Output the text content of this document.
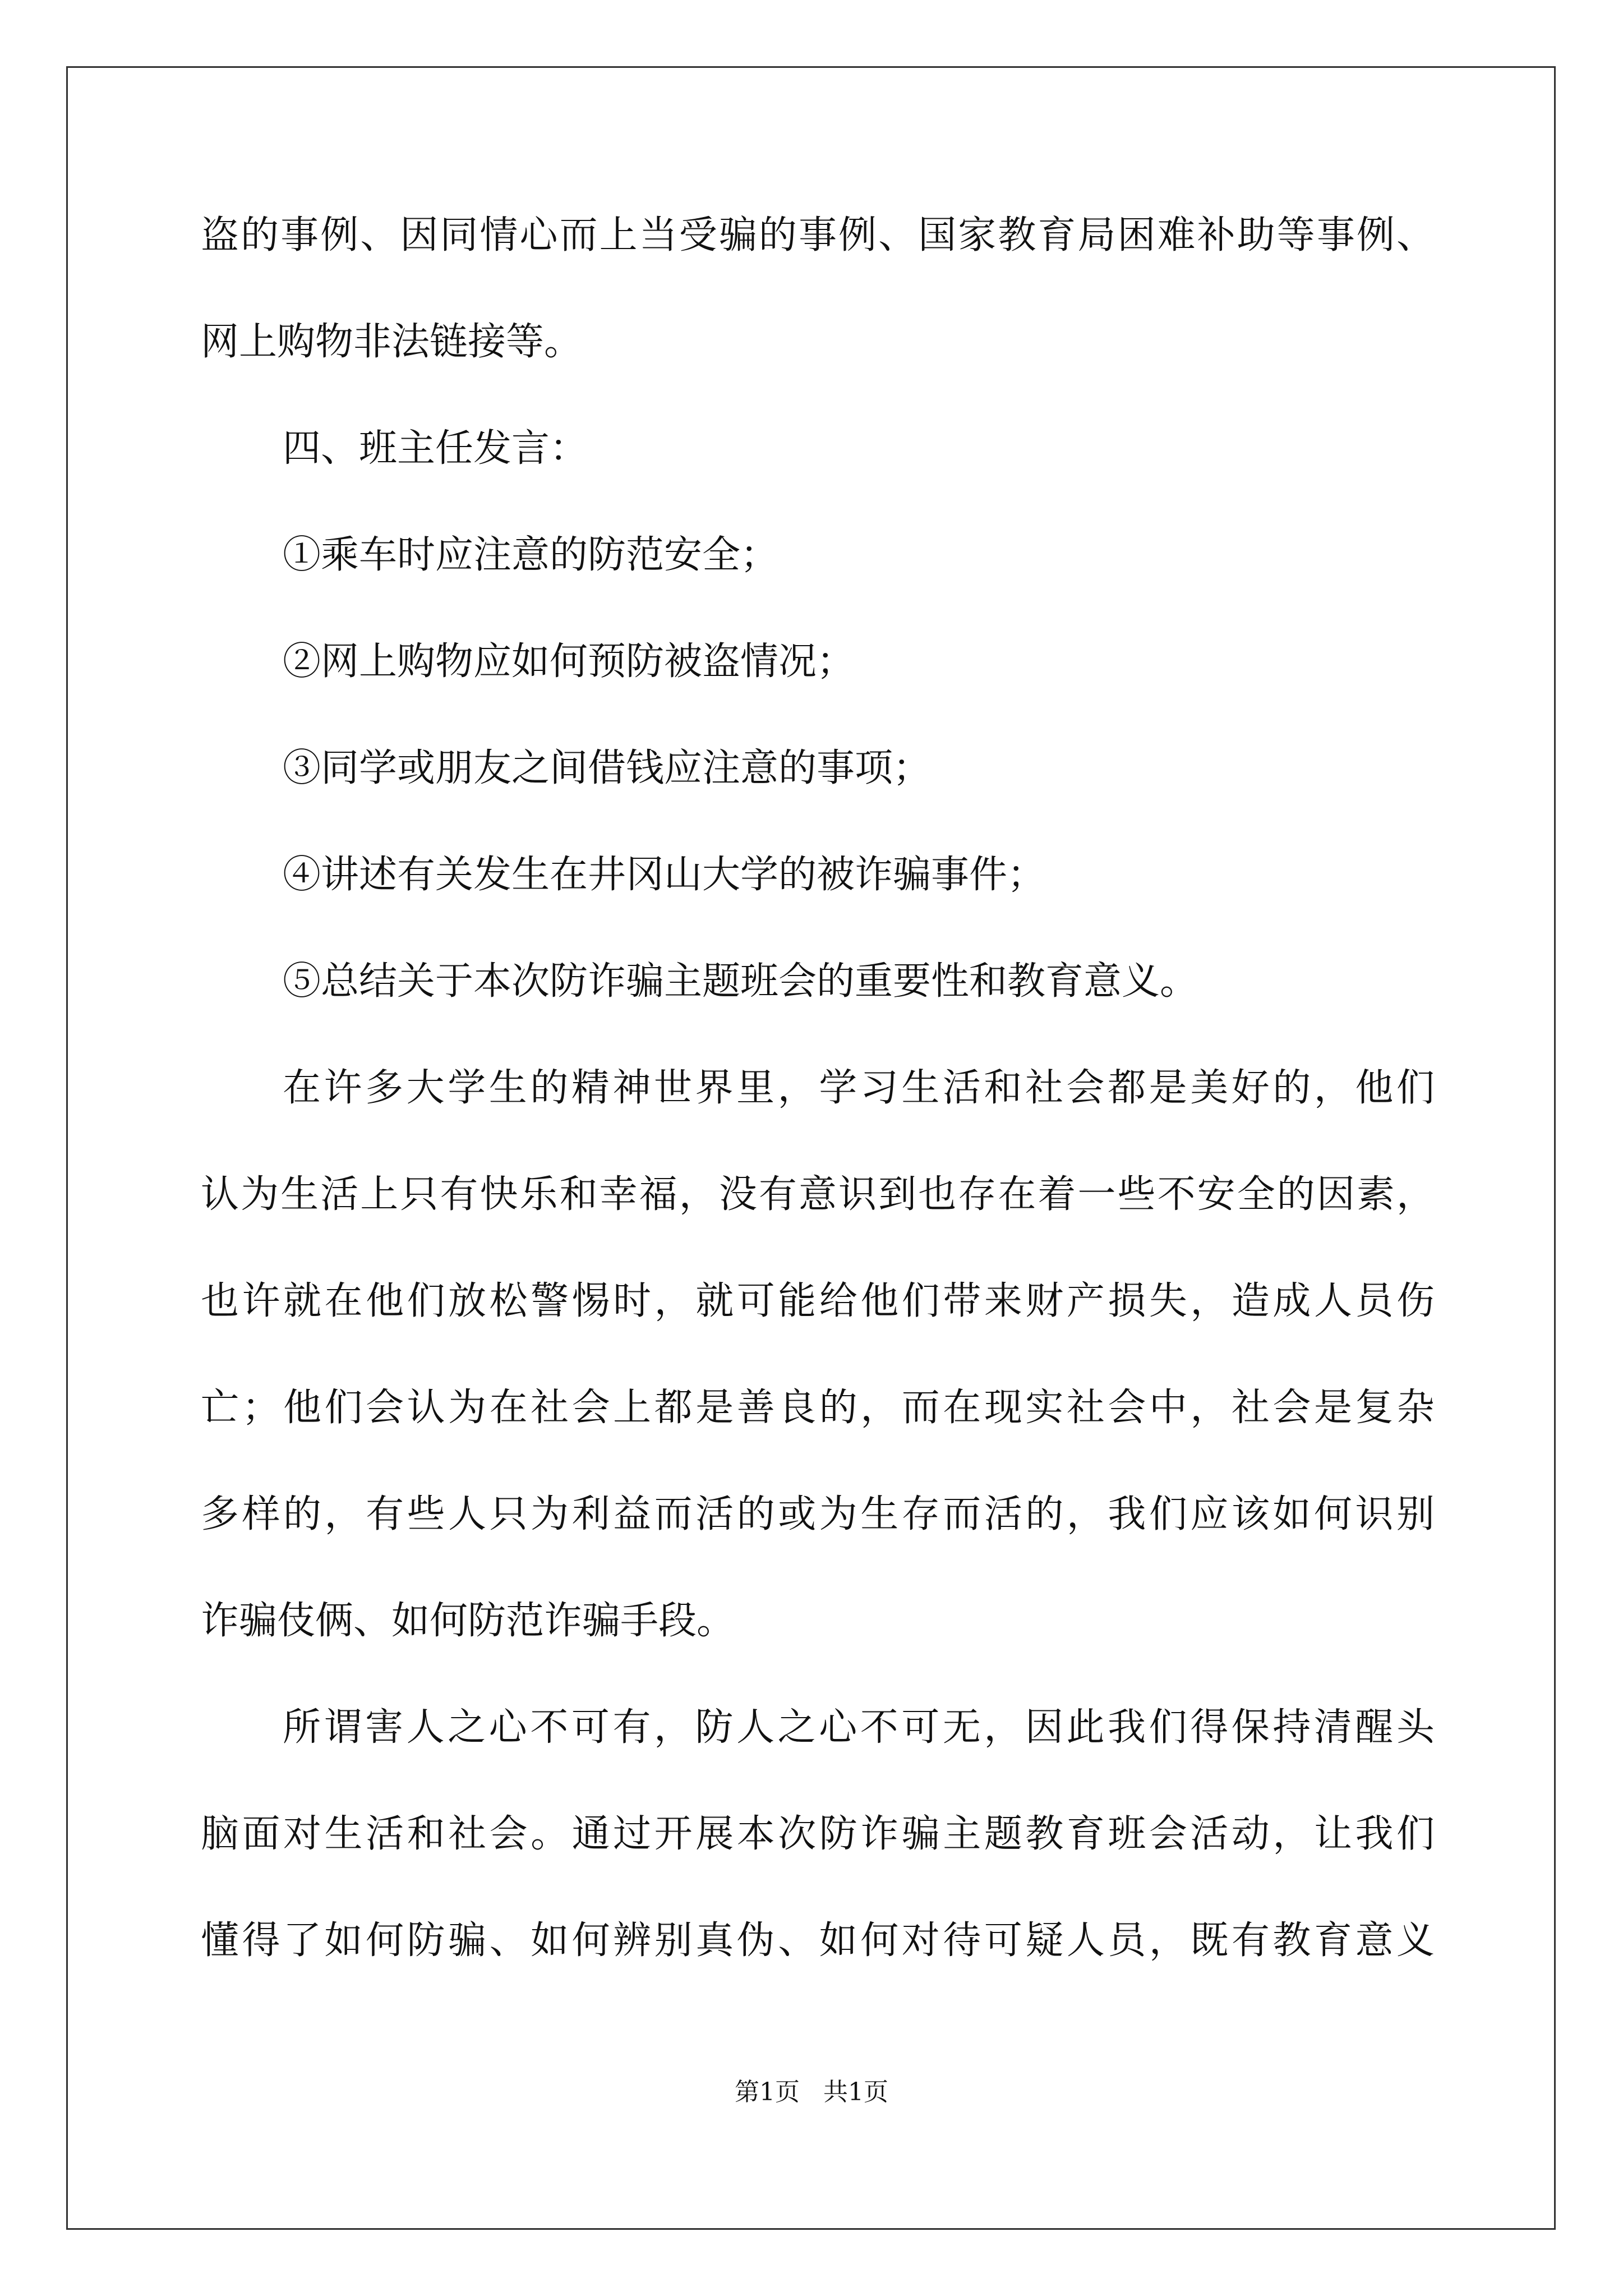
盗的事例、因同情心而上当受骗的事例、国家教育局困难补助等事例、
网上购物非法链接等。
四、班主任发言：
①乘车时应注意的防范安全；
②网上购物应如何预防被盗情况；
③同学或朋友之间借钱应注意的事项；
④讲述有关发生在井冈山大学的被诈骗事件；
⑤总结关于本次防诈骗主题班会的重要性和教育意义。
在许多大学生的精神世界里，学习生活和社会都是美好的，他们
认为生活上只有快乐和幸福，没有意识到也存在着一些不安全的因素，
也许就在他们放松警惕时，就可能给他们带来财产损失，造成人员伤
亡；他们会认为在社会上都是善良的，而在现实社会中，社会是复杂
多样的，有些人只为利益而活的或为生存而活的，我们应该如何识别
诈骗伎俩、如何防范诈骗手段。
所谓害人之心不可有，防人之心不可无，因此我们得保持清醒头
脑面对生活和社会。通过开展本次防诈骗主题教育班会活动，让我们
懂得了如何防骗、如何辨别真伪、如何对待可疑人员，既有教育意义
第1页   共1页
